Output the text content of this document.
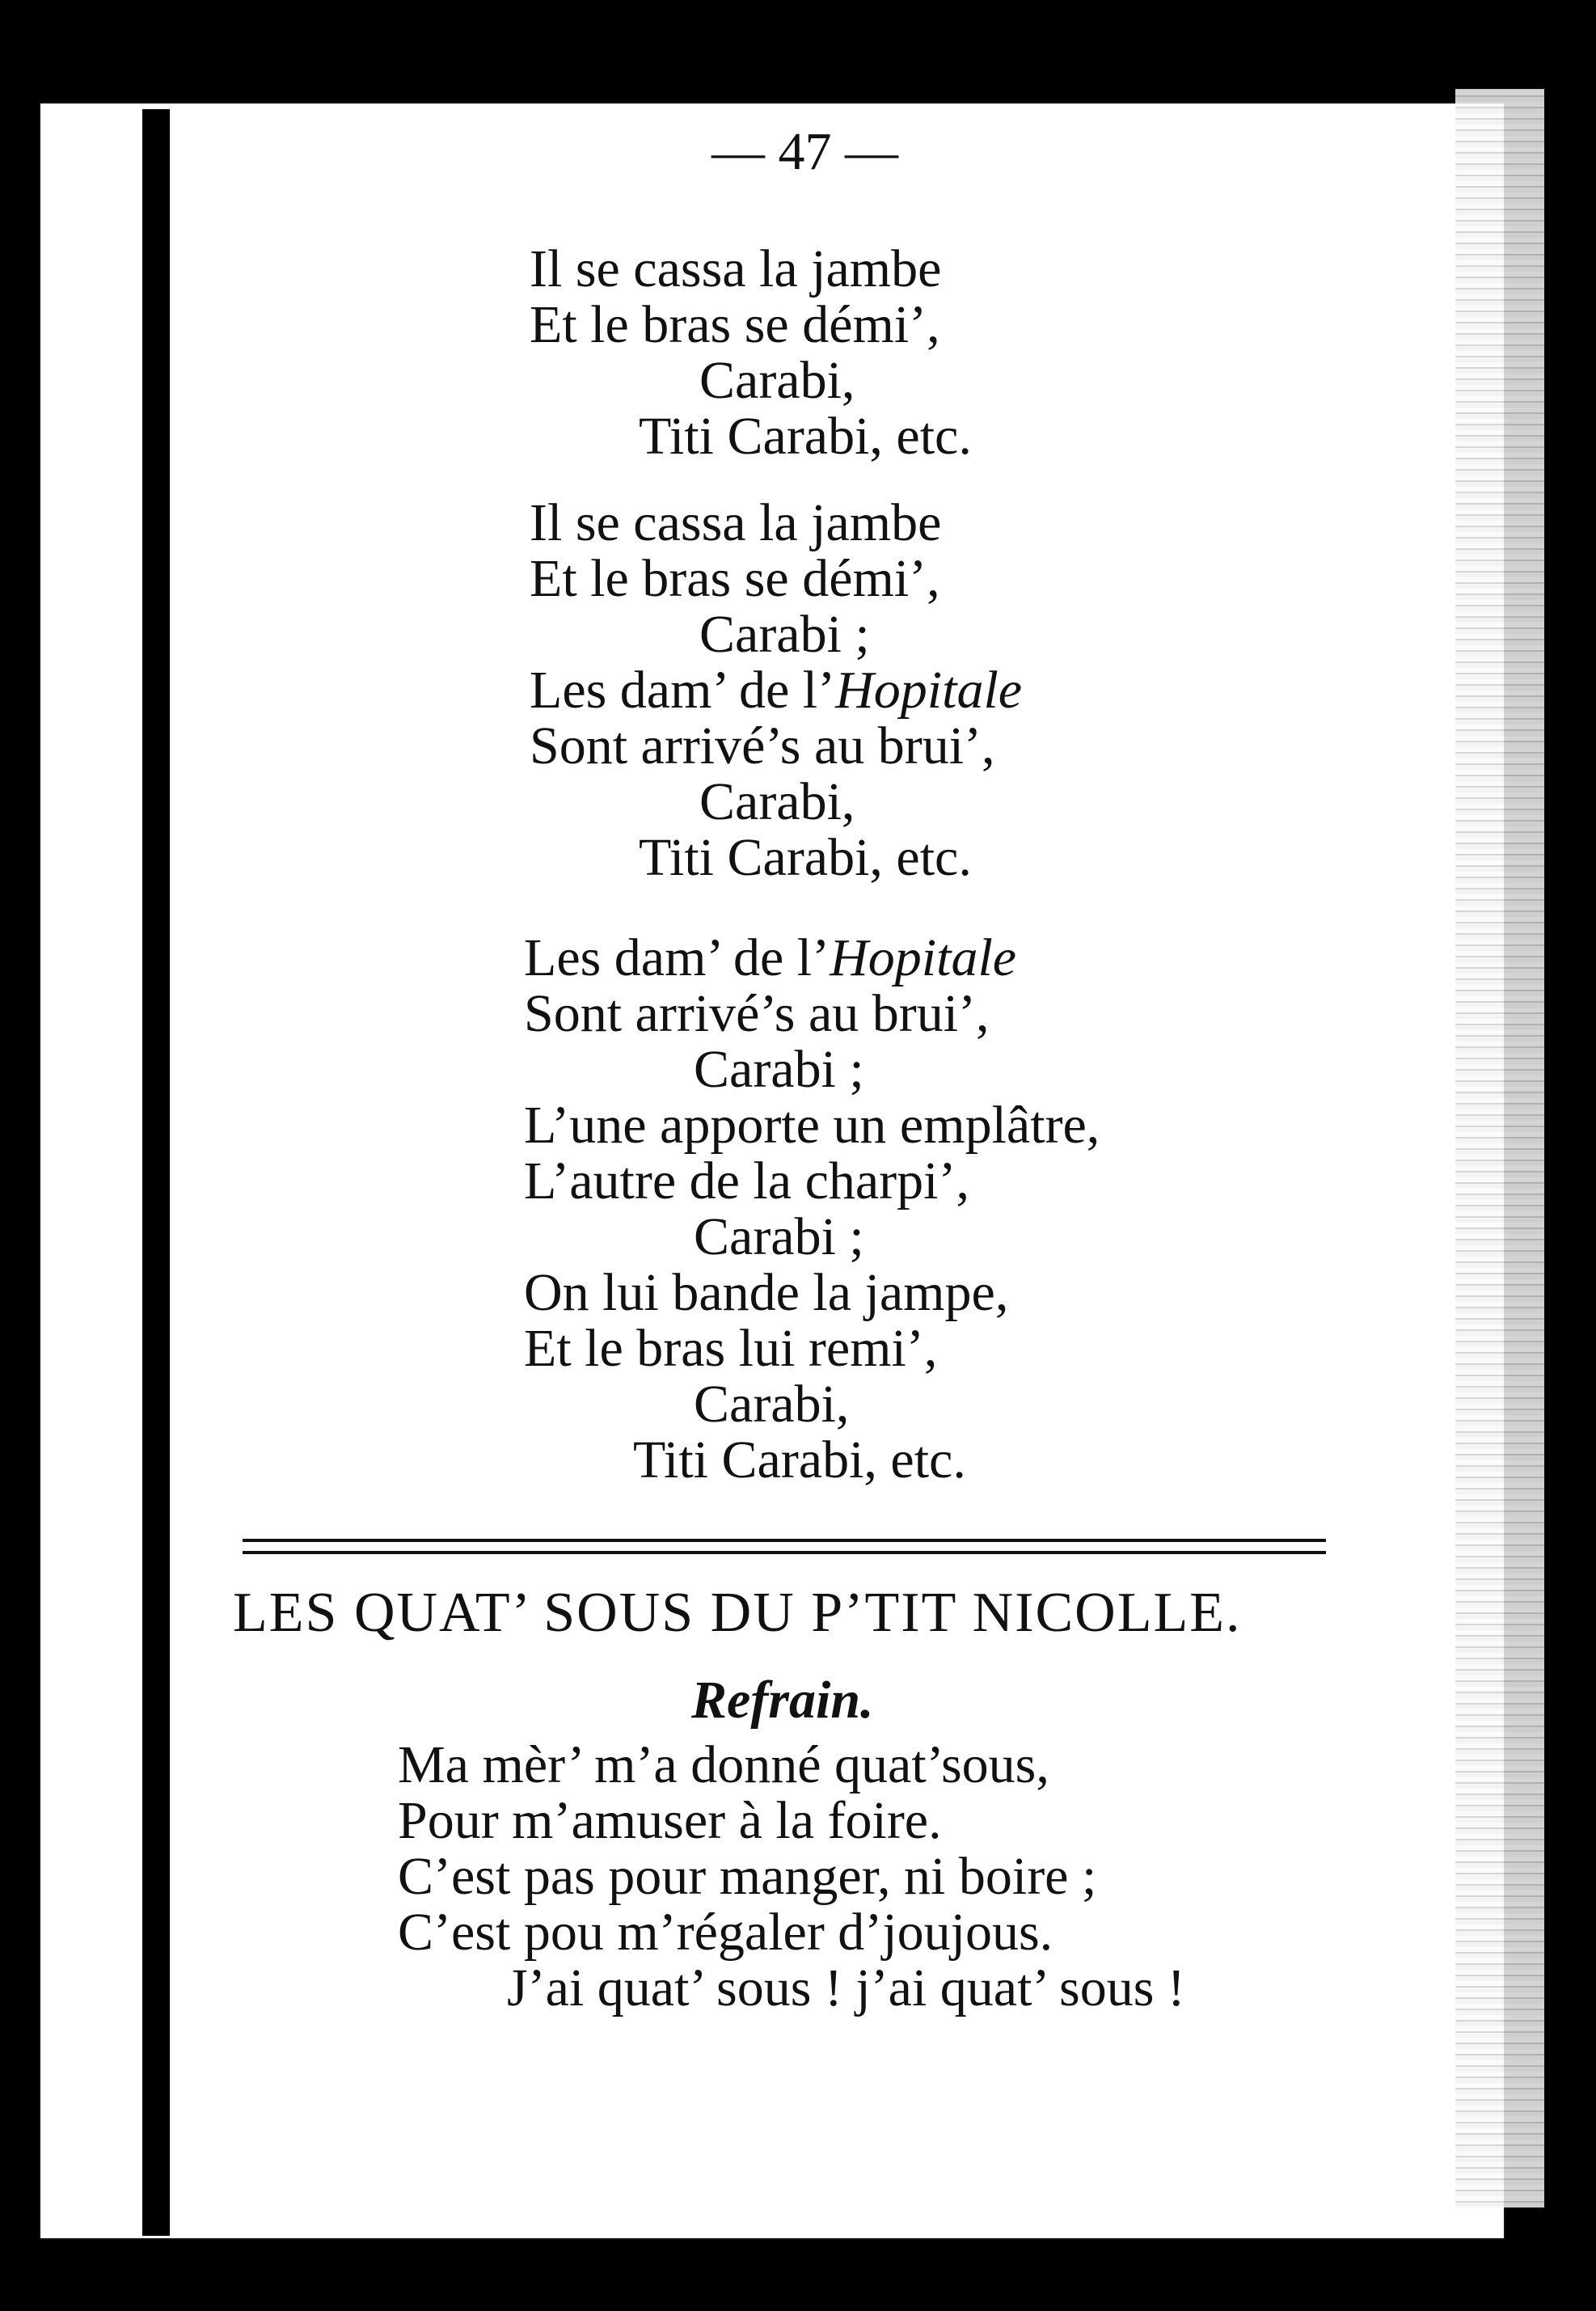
— 47 —
Il se cassa la jambe
Et le bras se démi’,
Carabi,
Titi Carabi, etc.
Il se cassa la jambe
Et le bras se démi’,
Carabi ;
Les dam’ de l’Hopitale
Sont arrivé’s au brui’,
Carabi,
Titi Carabi, etc.
Les dam’ de l’Hopitale
Sont arrivé’s au brui’,
Carabi ;
L’une apporte un emplâtre,
L’autre de la charpi’,
Carabi ;
On lui bande la jampe,
Et le bras lui remi’,
Carabi,
Titi Carabi, etc.
LES QUAT’ SOUS DU P’TIT NICOLLE.
Refrain.
Ma mèr’ m’a donné quat’sous,
Pour m’amuser à la foire.
C’est pas pour manger, ni boire ;
C’est pou m’régaler d’joujous.
J’ai quat’ sous ! j’ai quat’ sous !
